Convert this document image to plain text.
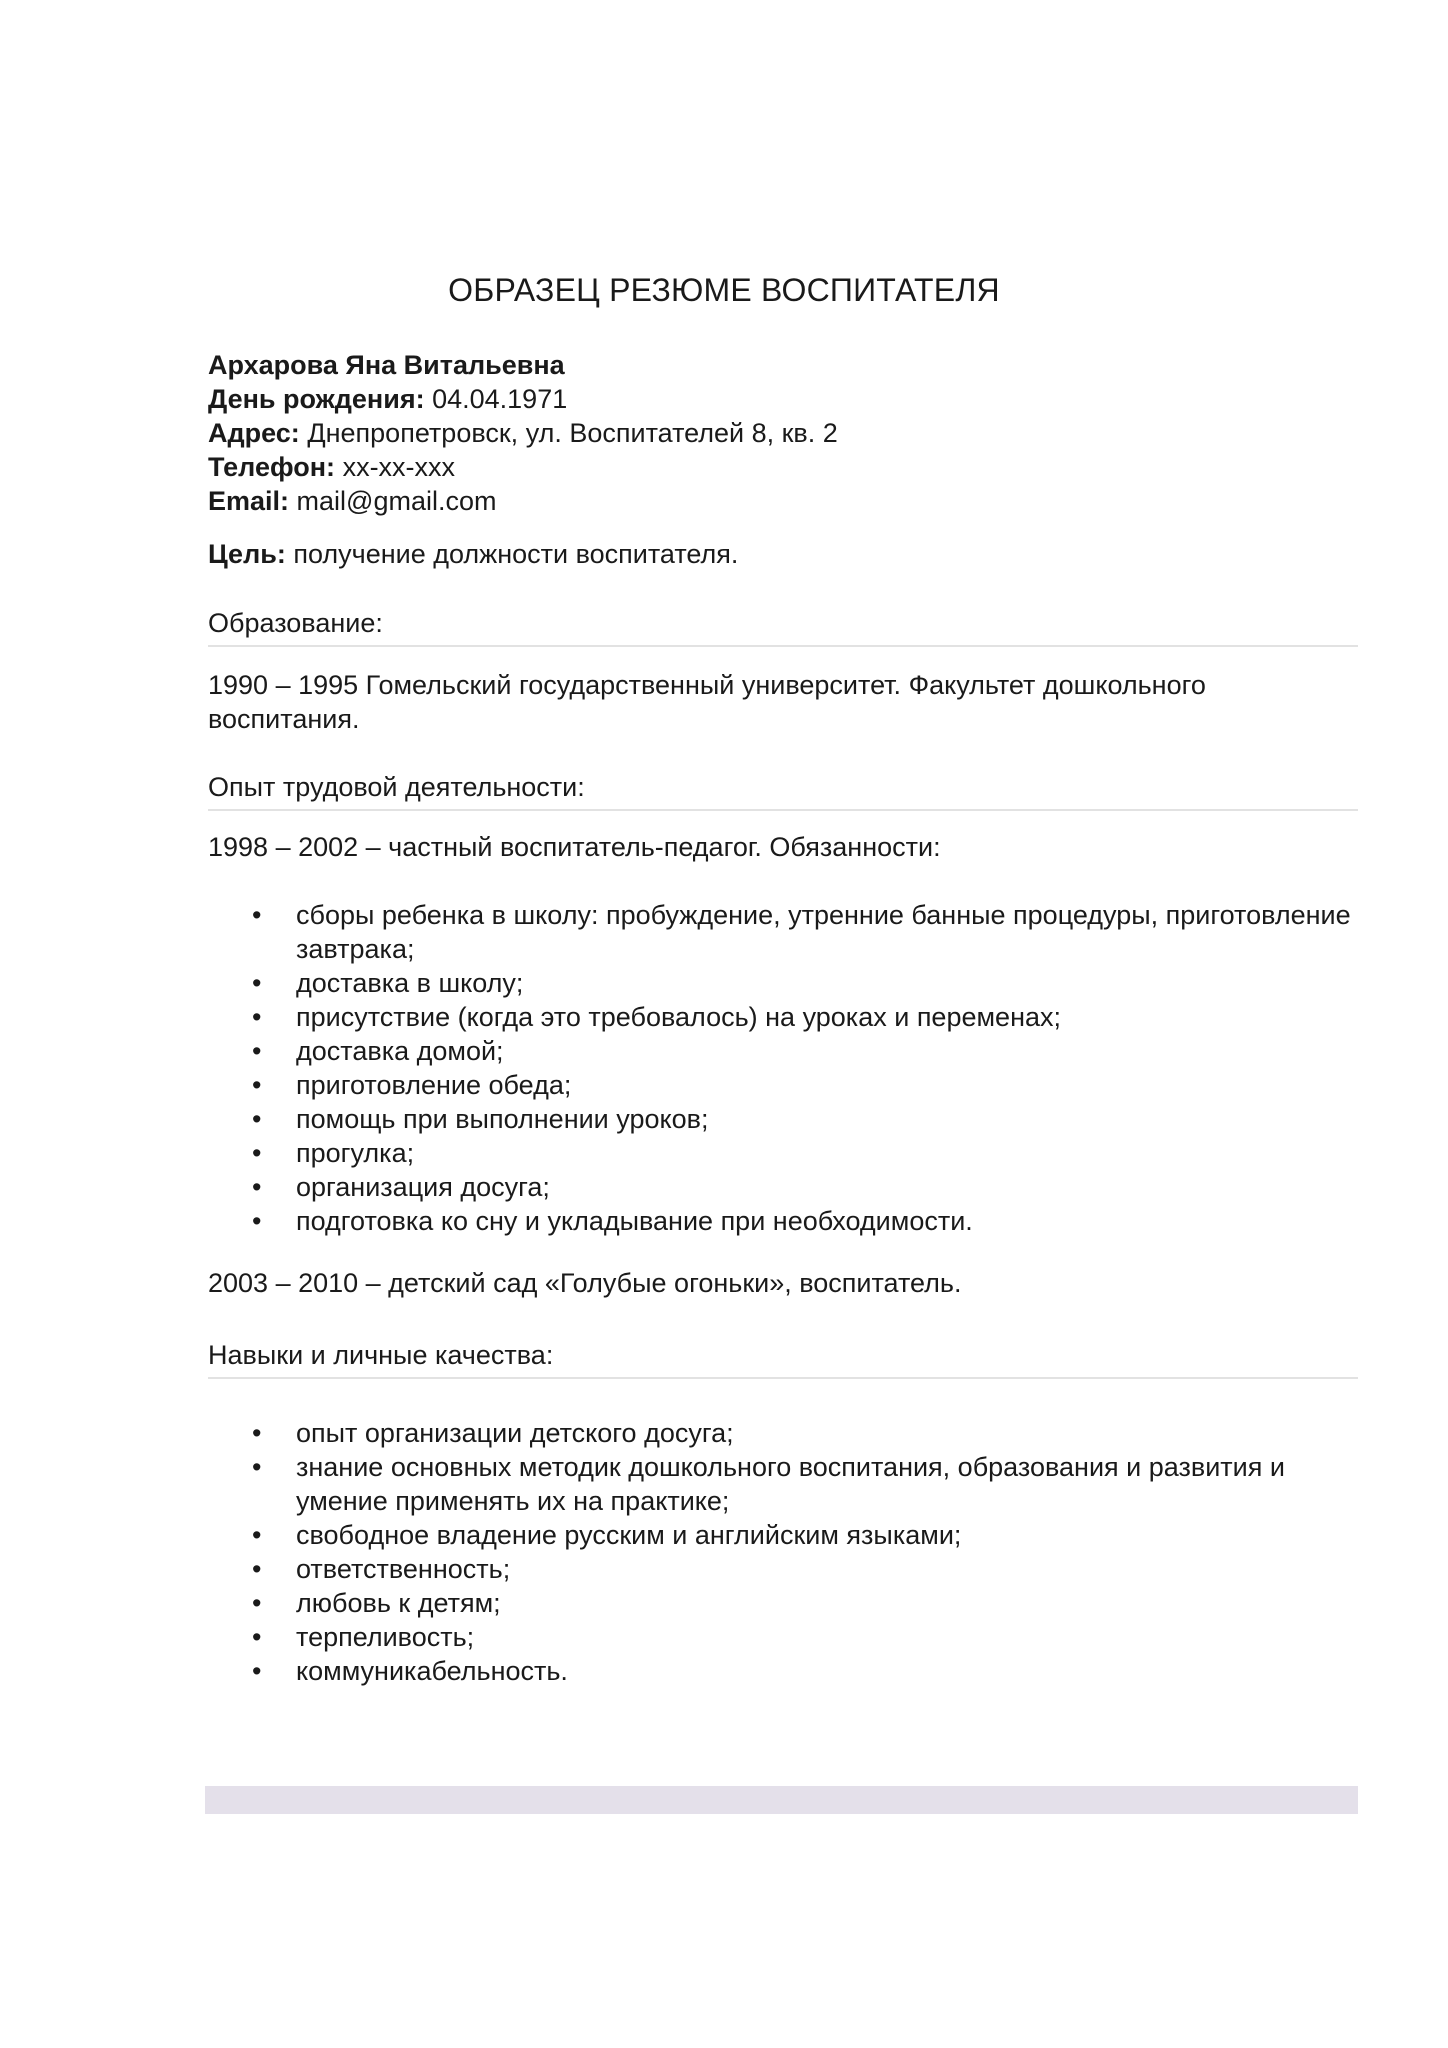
ОБРАЗЕЦ РЕЗЮМЕ ВОСПИТАТЕЛЯ
Архарова Яна Витальевна
День рождения: 04.04.1971
Адрес: Днепропетровск, ул. Воспитателей 8, кв. 2
Телефон: xx-xx-xxx
Email: mail@gmail.com
Цель: получение должности воспитателя.
Образование:
1990 – 1995 Гомельский государственный университет. Факультет дошкольного воспитания.
Опыт трудовой деятельности:
1998 – 2002 – частный воспитатель-педагог. Обязанности:
• сборы ребенка в школу: пробуждение, утренние банные процедуры, приготовление завтрака;
• доставка в школу;
• присутствие (когда это требовалось) на уроках и переменах;
• доставка домой;
• приготовление обеда;
• помощь при выполнении уроков;
• прогулка;
• организация досуга;
• подготовка ко сну и укладывание при необходимости.
2003 – 2010 – детский сад «Голубые огоньки», воспитатель.
Навыки и личные качества:
• опыт организации детского досуга;
• знание основных методик дошкольного воспитания, образования и развития и умение применять их на практике;
• свободное владение русским и английским языками;
• ответственность;
• любовь к детям;
• терпеливость;
• коммуникабельность.
